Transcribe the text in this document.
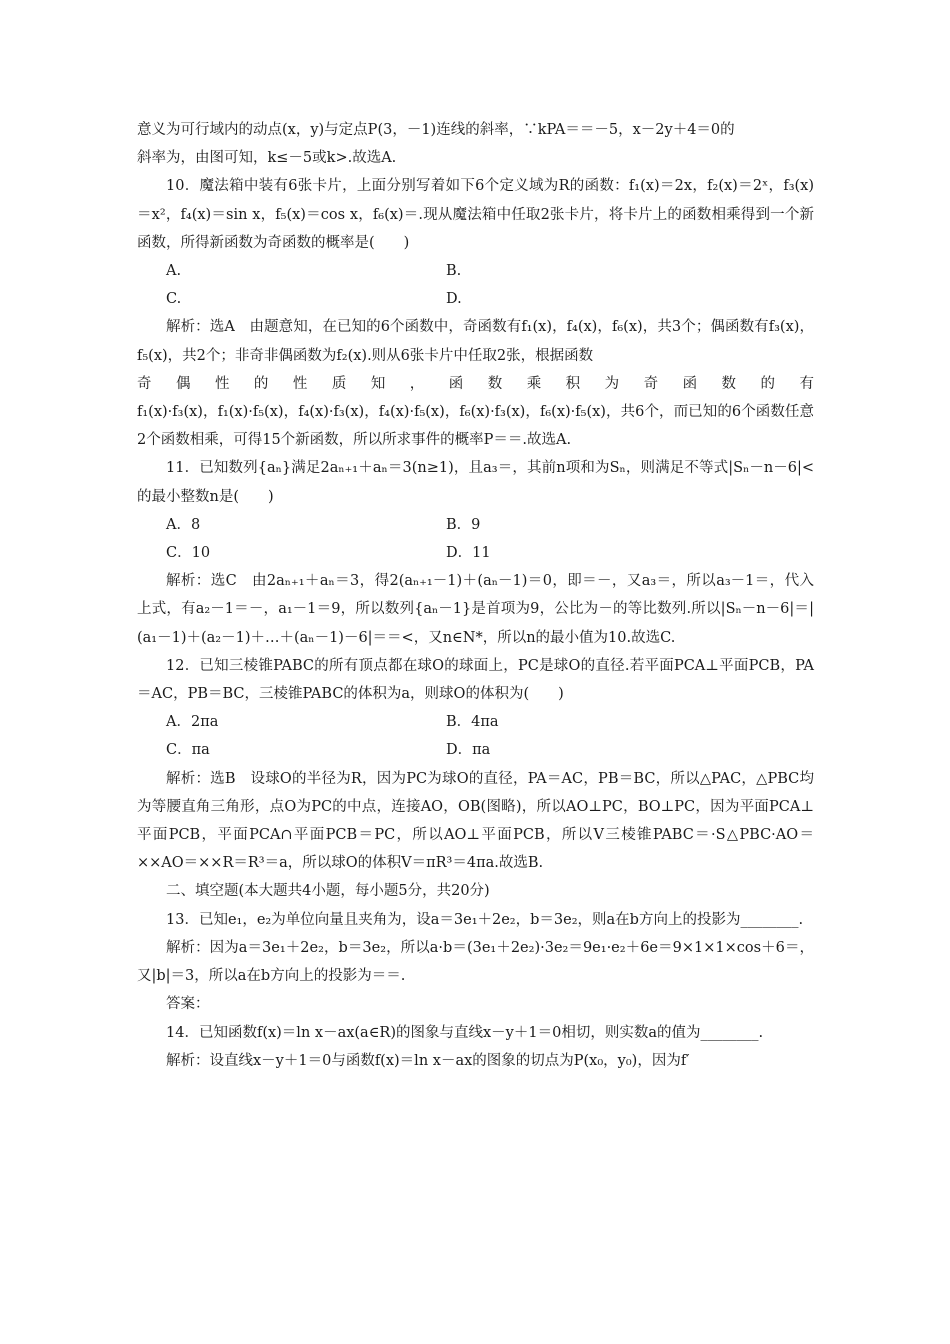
意义为可行域内的动点(x，y)与定点P(3，－1)连线的斜率，∵kPA＝＝－5，x－2y＋4＝0的

斜率为，由图可知，k≤－5或k>.故选A.

10．魔法箱中装有6张卡片，上面分别写着如下6个定义域为R的函数：f₁(x)＝2x，f₂(x)＝2ˣ，f₃(x)＝x²，f₄(x)＝sin x，f₅(x)＝cos x，f₆(x)＝.现从魔法箱中任取2张卡片，将卡片上的函数相乘得到一个新函数，所得新函数为奇函数的概率是(　　)

A.	B.
C.	D.

解析：选A　由题意知，在已知的6个函数中，奇函数有f₁(x)，f₄(x)，f₆(x)，共3个；偶函数有f₃(x)，f₅(x)，共2个；非奇非偶函数为f₂(x).则从6张卡片中任取2张，根据函数

奇偶性的性质知，函数乘积为奇函数的有

f₁(x)·f₃(x)，f₁(x)·f₅(x)，f₄(x)·f₃(x)，f₄(x)·f₅(x)，f₆(x)·f₃(x)，f₆(x)·f₅(x)，共6个，而已知的6个函数任意2个函数相乘，可得15个新函数，所以所求事件的概率P＝＝.故选A.

11．已知数列{aₙ}满足2aₙ₊₁＋aₙ＝3(n≥1)，且a₃＝，其前n项和为Sₙ，则满足不等式|Sₙ－n－6|<的最小整数n是(　　)

A．8	B．9
C．10	D．11

解析：选C　由2aₙ₊₁＋aₙ＝3，得2(aₙ₊₁－1)＋(aₙ－1)＝0，即＝－，又a₃＝，所以a₃－1＝，代入上式，有a₂－1＝－，a₁－1＝9，所以数列{aₙ－1}是首项为9，公比为－的等比数列.所以|Sₙ－n－6|＝|(a₁－1)＋(a₂－1)＋…＋(aₙ－1)－6|＝＝<，又n∈N*，所以n的最小值为10.故选C.

12．已知三棱锥PABC的所有顶点都在球O的球面上，PC是球O的直径.若平面PCA⊥平面PCB，PA＝AC，PB＝BC，三棱锥PABC的体积为a，则球O的体积为(　　)

A．2πa	B．4πa
C．πa	D．πa

解析：选B　设球O的半径为R，因为PC为球O的直径，PA＝AC，PB＝BC，所以△PAC，△PBC均为等腰直角三角形，点O为PC的中点，连接AO，OB(图略)，所以AO⊥PC，BO⊥PC，因为平面PCA⊥平面PCB，平面PCA∩平面PCB＝PC，所以AO⊥平面PCB，所以V三棱锥PABC＝·S△PBC·AO＝××AO＝××R＝R³＝a，所以球O的体积V＝πR³＝4πa.故选B.

二、填空题(本大题共4小题，每小题5分，共20分)

13．已知e₁，e₂为单位向量且夹角为，设a＝3e₁＋2e₂，b＝3e₂，则a在b方向上的投影为________.

解析：因为a＝3e₁＋2e₂，b＝3e₂，所以a·b＝(3e₁＋2e₂)·3e₂＝9e₁·e₂＋6e＝9×1×1×cos＋6＝，又|b|＝3，所以a在b方向上的投影为＝＝.

答案：

14．已知函数f(x)＝ln x－ax(a∈R)的图象与直线x－y＋1＝0相切，则实数a的值为________.

解析：设直线x－y＋1＝0与函数f(x)＝ln x－ax的图象的切点为P(x₀，y₀)，因为f′
